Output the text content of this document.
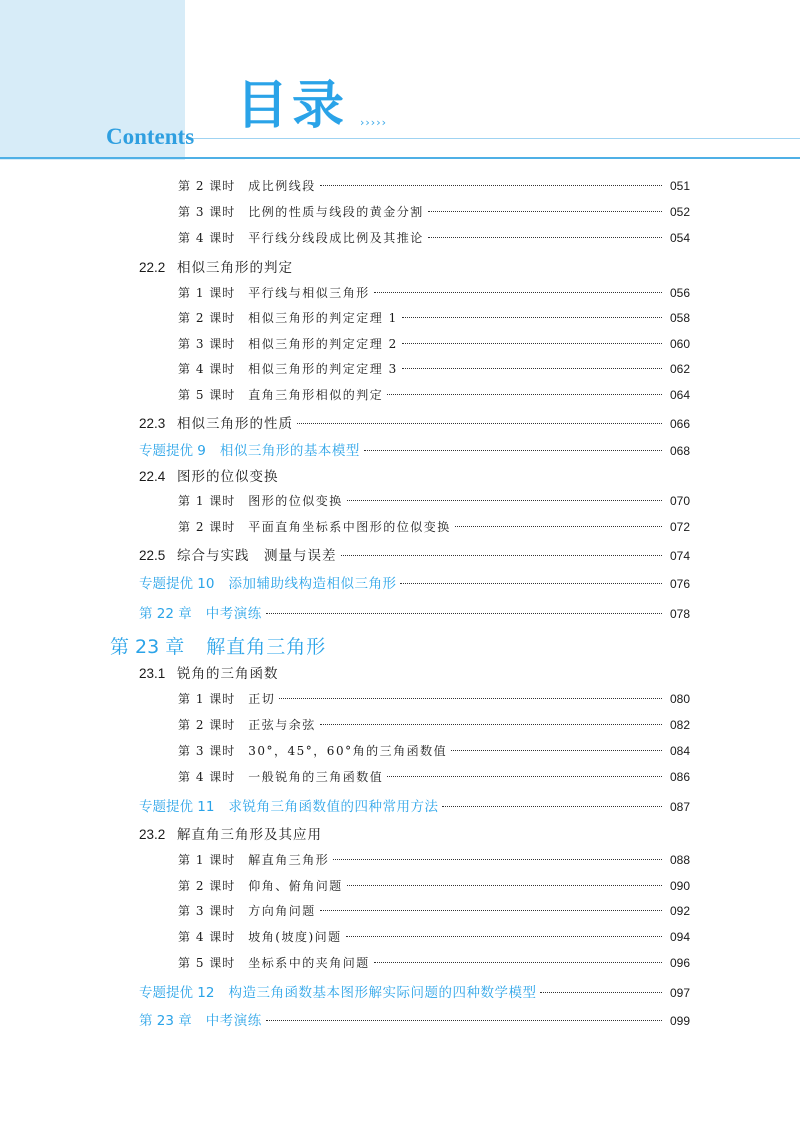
目录 ›››››
Contents
第 2 课时 成比例线段	051
第 3 课时 比例的性质与线段的黄金分割	052
第 4 课时 平行线分线段成比例及其推论	054
22.2 相似三角形的判定
第 1 课时 平行线与相似三角形	056
第 2 课时 相似三角形的判定定理 1	058
第 3 课时 相似三角形的判定定理 2	060
第 4 课时 相似三角形的判定定理 3	062
第 5 课时 直角三角形相似的判定	064
22.3 相似三角形的性质	066
专题提优 9 相似三角形的基本模型	068
22.4 图形的位似变换
第 1 课时 图形的位似变换	070
第 2 课时 平面直角坐标系中图形的位似变换	072
22.5 综合与实践　测量与误差	074
专题提优 10 添加辅助线构造相似三角形	076
第 22 章 中考演练	078
第 23 章 解直角三角形
23.1 锐角的三角函数
第 1 课时 正切	080
第 2 课时 正弦与余弦	082
第 3 课时 30°，45°，60°角的三角函数值	084
第 4 课时 一般锐角的三角函数值	086
专题提优 11 求锐角三角函数值的四种常用方法	087
23.2 解直角三角形及其应用
第 1 课时 解直角三角形	088
第 2 课时 仰角、俯角问题	090
第 3 课时 方向角问题	092
第 4 课时 坡角(坡度)问题	094
第 5 课时 坐标系中的夹角问题	096
专题提优 12 构造三角函数基本图形解实际问题的四种数学模型	097
第 23 章 中考演练	099
